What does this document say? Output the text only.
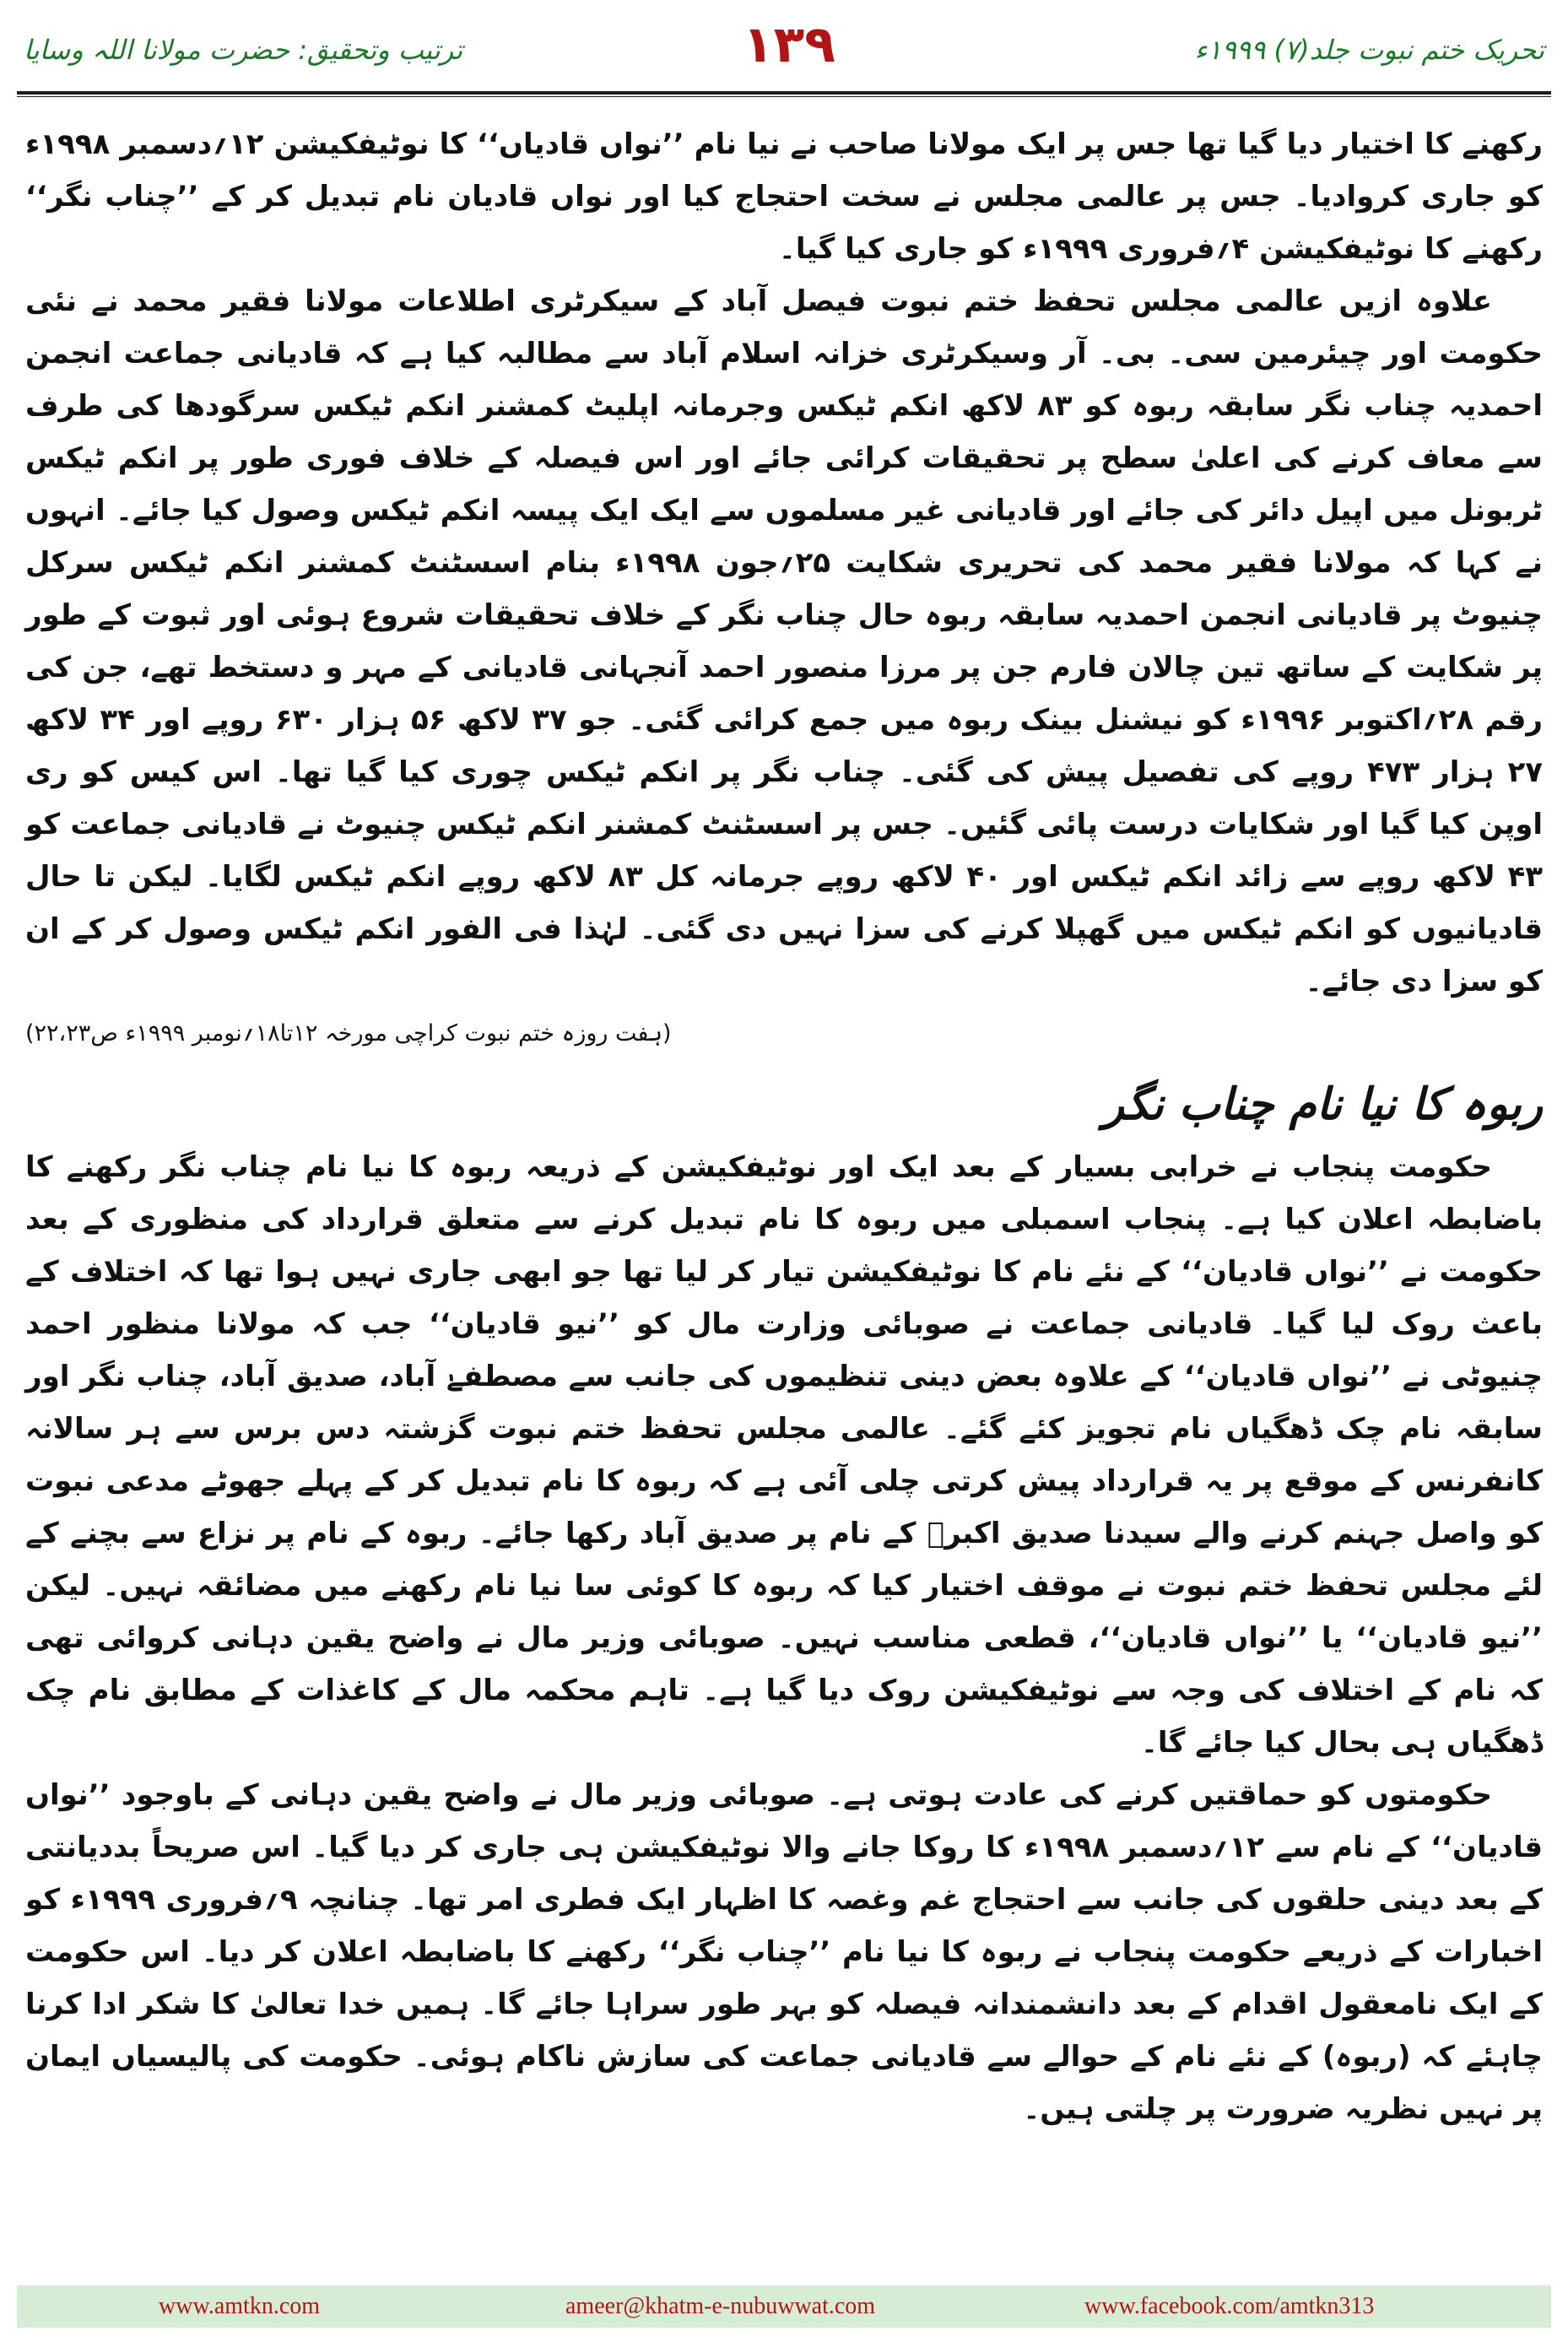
ترتیب وتحقیق: حضرت مولانا اللہ وسایا	۱۳۹	تحریک ختم نبوت جلد(۷) ۱۹۹۹ء

رکھنے کا اختیار دیا گیا تھا جس پر ایک مولانا صاحب نے نیا نام ’’نواں قادیاں‘‘ کا نوٹیفکیشن ۱۲؍دسمبر ۱۹۹۸ء کو جاری کروادیا۔ جس پر عالمی مجلس نے سخت احتجاج کیا اور نواں قادیان نام تبدیل کر کے ’’چناب نگر‘‘ رکھنے کا نوٹیفکیشن ۴؍فروری ۱۹۹۹ء کو جاری کیا گیا۔

علاوہ ازیں عالمی مجلس تحفظ ختم نبوت فیصل آباد کے سیکرٹری اطلاعات مولانا فقیر محمد نے نئی حکومت اور چیئرمین سی۔ بی۔ آر وسیکرٹری خزانہ اسلام آباد سے مطالبہ کیا ہے کہ قادیانی جماعت انجمن احمدیہ چناب نگر سابقہ ربوہ کو ۸۳ لاکھ انکم ٹیکس وجرمانہ اپلیٹ کمشنر انکم ٹیکس سرگودھا کی طرف سے معاف کرنے کی اعلیٰ سطح پر تحقیقات کرائی جائے اور اس فیصلہ کے خلاف فوری طور پر انکم ٹیکس ٹربونل میں اپیل دائر کی جائے اور قادیانی غیر مسلموں سے ایک ایک پیسہ انکم ٹیکس وصول کیا جائے۔ انہوں نے کہا کہ مولانا فقیر محمد کی تحریری شکایت ۲۵؍جون ۱۹۹۸ء بنام اسسٹنٹ کمشنر انکم ٹیکس سرکل چنیوٹ پر قادیانی انجمن احمدیہ سابقہ ربوہ حال چناب نگر کے خلاف تحقیقات شروع ہوئی اور ثبوت کے طور پر شکایت کے ساتھ تین چالان فارم جن پر مرزا منصور احمد آنجہانی قادیانی کے مہر و دستخط تھے، جن کی رقم ۲۸؍اکتوبر ۱۹۹۶ء کو نیشنل بینک ربوہ میں جمع کرائی گئی۔ جو ۳۷ لاکھ ۵۶ ہزار ۶۳۰ روپے اور ۳۴ لاکھ ۲۷ ہزار ۴۷۳ روپے کی تفصیل پیش کی گئی۔ چناب نگر پر انکم ٹیکس چوری کیا گیا تھا۔ اس کیس کو ری اوپن کیا گیا اور شکایات درست پائی گئیں۔ جس پر اسسٹنٹ کمشنر انکم ٹیکس چنیوٹ نے قادیانی جماعت کو ۴۳ لاکھ روپے سے زائد انکم ٹیکس اور ۴۰ لاکھ روپے جرمانہ کل ۸۳ لاکھ روپے انکم ٹیکس لگایا۔ لیکن تا حال قادیانیوں کو انکم ٹیکس میں گھپلا کرنے کی سزا نہیں دی گئی۔ لہٰذا فی الفور انکم ٹیکس وصول کر کے ان کو سزا دی جائے۔

(ہفت روزہ ختم نبوت کراچی مورخہ ۱۲تا۱۸؍نومبر ۱۹۹۹ء ص۲۲،۲۳)
ربوہ کا نیا نام چناب نگر

حکومت پنجاب نے خرابی بسیار کے بعد ایک اور نوٹیفکیشن کے ذریعہ ربوہ کا نیا نام چناب نگر رکھنے کا باضابطہ اعلان کیا ہے۔ پنجاب اسمبلی میں ربوہ کا نام تبدیل کرنے سے متعلق قرارداد کی منظوری کے بعد حکومت نے ’’نواں قادیان‘‘ کے نئے نام کا نوٹیفکیشن تیار کر لیا تھا جو ابھی جاری نہیں ہوا تھا کہ اختلاف کے باعث روک لیا گیا۔ قادیانی جماعت نے صوبائی وزارت مال کو ’’نیو قادیان‘‘ جب کہ مولانا منظور احمد چنیوٹی نے ’’نواں قادیان‘‘ کے علاوہ بعض دینی تنظیموں کی جانب سے مصطفےٰ آباد، صدیق آباد، چناب نگر اور سابقہ نام چک ڈھگیاں نام تجویز کئے گئے۔ عالمی مجلس تحفظ ختم نبوت گزشتہ دس برس سے ہر سالانہ کانفرنس کے موقع پر یہ قرارداد پیش کرتی چلی آئی ہے کہ ربوہ کا نام تبدیل کر کے پہلے جھوٹے مدعی نبوت کو واصل جہنم کرنے والے سیدنا صدیق اکبرؓ کے نام پر صدیق آباد رکھا جائے۔ ربوہ کے نام پر نزاع سے بچنے کے لئے مجلس تحفظ ختم نبوت نے موقف اختیار کیا کہ ربوہ کا کوئی سا نیا نام رکھنے میں مضائقہ نہیں۔ لیکن ’’نیو قادیان‘‘ یا ’’نواں قادیان‘‘، قطعی مناسب نہیں۔ صوبائی وزیر مال نے واضح یقین دہانی کروائی تھی کہ نام کے اختلاف کی وجہ سے نوٹیفکیشن روک دیا گیا ہے۔ تاہم محکمہ مال کے کاغذات کے مطابق نام چک ڈھگیاں ہی بحال کیا جائے گا۔

حکومتوں کو حماقتیں کرنے کی عادت ہوتی ہے۔ صوبائی وزیر مال نے واضح یقین دہانی کے باوجود ’’نواں قادیان‘‘ کے نام سے ۱۲؍دسمبر ۱۹۹۸ء کا روکا جانے والا نوٹیفکیشن ہی جاری کر دیا گیا۔ اس صریحاً بددیانتی کے بعد دینی حلقوں کی جانب سے احتجاج غم وغصہ کا اظہار ایک فطری امر تھا۔ چنانچہ ۹؍فروری ۱۹۹۹ء کو اخبارات کے ذریعے حکومت پنجاب نے ربوہ کا نیا نام ’’چناب نگر‘‘ رکھنے کا باضابطہ اعلان کر دیا۔ اس حکومت کے ایک نامعقول اقدام کے بعد دانشمندانہ فیصلہ کو بہر طور سراہا جائے گا۔ ہمیں خدا تعالیٰ کا شکر ادا کرنا چاہئے کہ (ربوہ) کے نئے نام کے حوالے سے قادیانی جماعت کی سازش ناکام ہوئی۔ حکومت کی پالیسیاں ایمان پر نہیں نظریہ ضرورت پر چلتی ہیں۔

www.amtkn.com	ameer@khatm-e-nubuwwat.com	www.facebook.com/amtkn313
